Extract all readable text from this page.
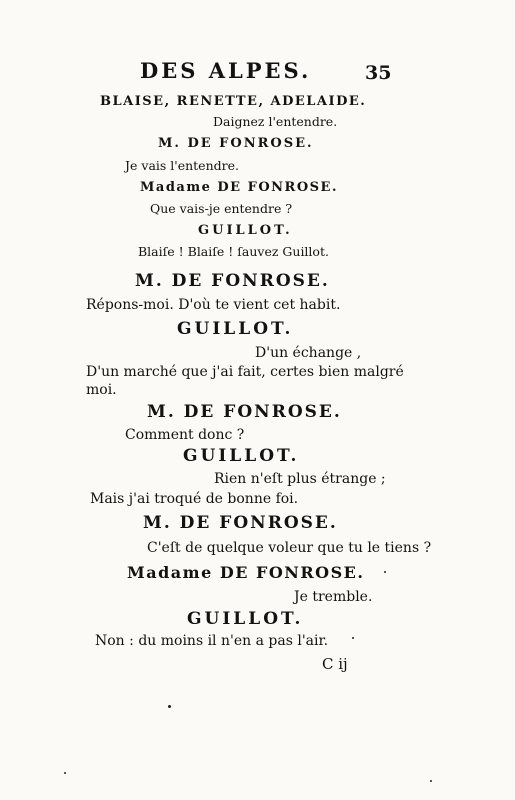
DES ALPES.	35
BLAISE, RENETTE, ADELAIDE.
Daignez l'entendre.
M. DE FONROSE.
Je vais l'entendre.
Madame DE FONROSE.
Que vais-je entendre ?
GUILLOT.
Blaiſe ! Blaiſe ! ſauvez Guillot.
M. DE FONROSE.
Répons-moi. D'où te vient cet habit.
GUILLOT.
D'un échange ,
D'un marché que j'ai fait, certes bien malgré
moi.
M. DE FONROSE.
Comment donc ?
GUILLOT.
Rien n'eſt plus étrange ;
Mais j'ai troqué de bonne foi.
M. DE FONROSE.
C'eſt de quelque voleur que tu le tiens ?
Madame DE FONROSE.
Je tremble.
GUILLOT.
Non : du moins il n'en a pas l'air.
C ij
